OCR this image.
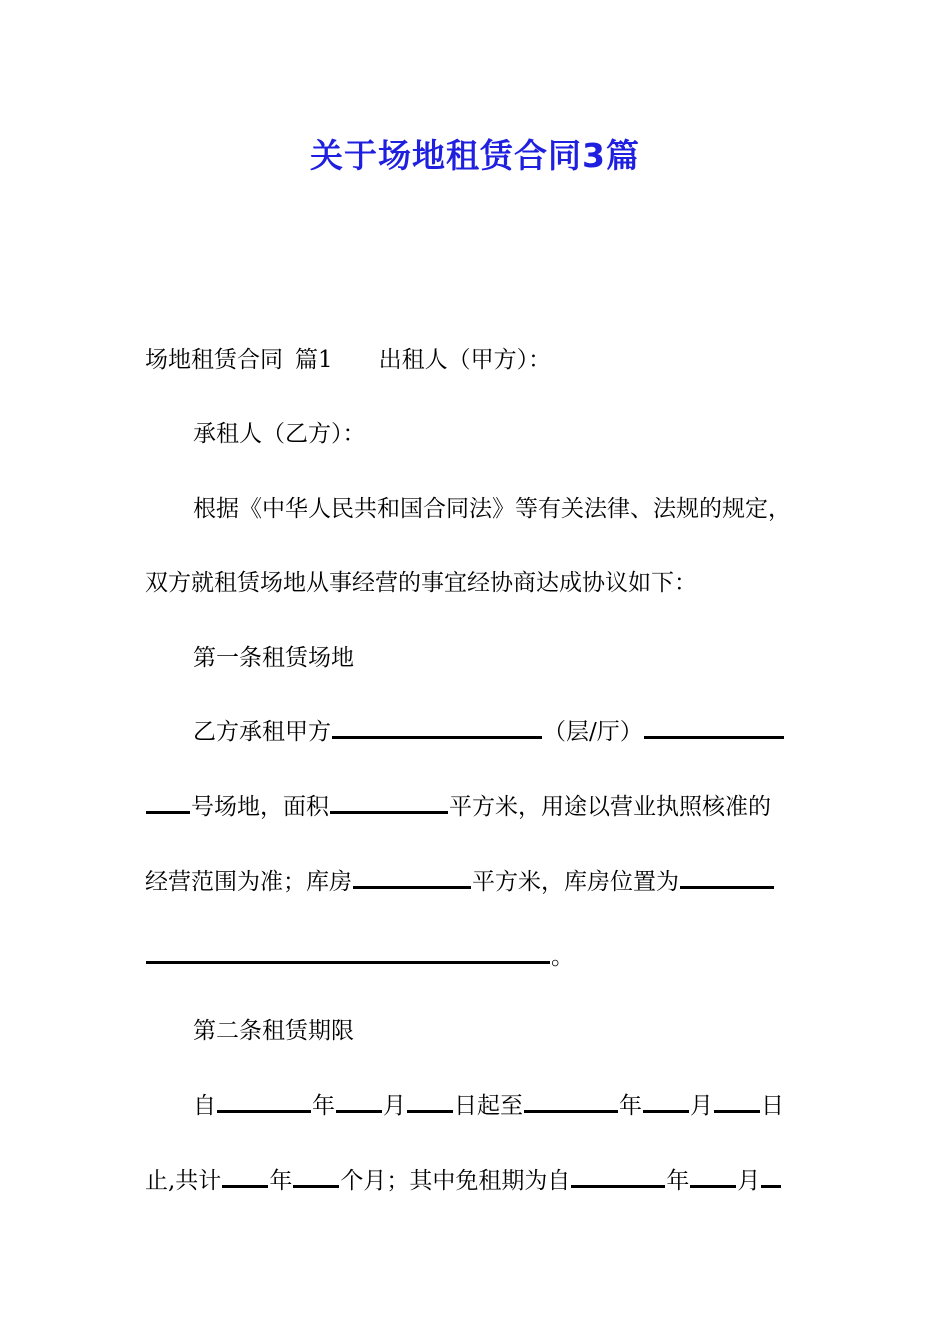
关于场地租赁合同3篇
场地租赁合同 篇1 出租人（甲方）：
承租人（乙方）：
根据《中华人民共和国合同法》等有关法律、法规的规定，
双方就租赁场地从事经营的事宜经协商达成协议如下：
第一条租赁场地
乙方承租甲方	（层/厅）
号场地，面积	平方米，用途以营业执照核准的
经营范围为准；库房	平方米，库房位置为
。
第二条租赁期限
自	年 月 日起至	年 月 日
止,共计 年 个月；其中免租期为自	年 月
